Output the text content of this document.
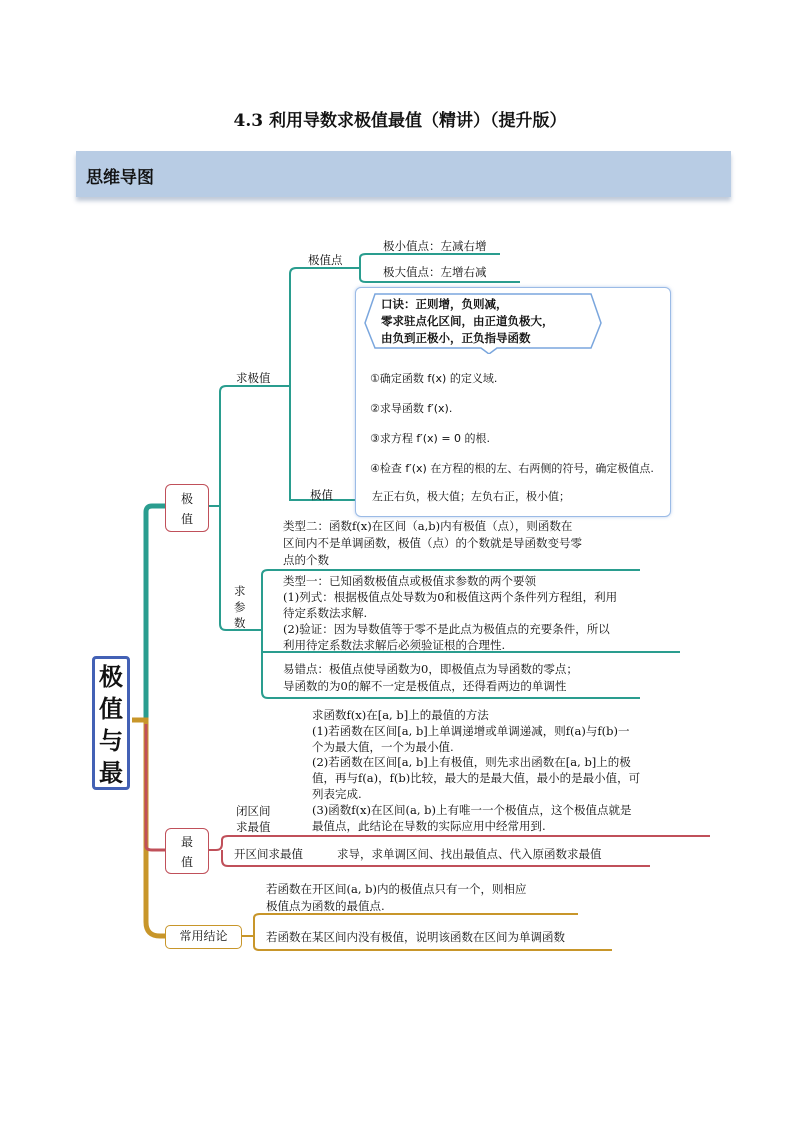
4.3 利用导数求极值最值（精讲）（提升版）
思维导图
极
值
与
最
极
值
最
值
常用结论
求极值
极值点
极小值点：左减右增
极大值点：左增右减
口诀：正则增，负则减，
零求驻点化区间，由正道负极大，
由负到正极小，正负指导函数
①确定函数 f(x) 的定义域.
②求导函数 f′(x).
③求方程 f′(x) = 0 的根.
④检查 f′(x) 在方程的根的左、右两侧的符号，确定极值点.
极值	左正右负，极大值；左负右正，极小值；
求
参
数
类型二：函数f(x)在区间（a,b)内有极值（点），则函数在
区间内不是单调函数，极值（点）的个数就是导函数变号零
点的个数
类型一：已知函数极值点或极值求参数的两个要领
(1)列式：根据极值点处导数为0和极值这两个条件列方程组，利用
待定系数法求解.
(2)验证：因为导数值等于零不是此点为极值点的充要条件，所以
利用待定系数法求解后必须验证根的合理性.
易错点：极值点使导函数为0，即极值点为导函数的零点；
导函数的为0的解不一定是极值点，还得看两边的单调性
闭区间
求最值
求函数f(x)在[a, b]上的最值的方法
(1)若函数在区间[a, b]上单调递增或单调递减，则f(a)与f(b)一
个为最大值，一个为最小值.
(2)若函数在区间[a, b]上有极值，则先求出函数在[a, b]上的极
值，再与f(a)，f(b)比较，最大的是最大值，最小的是最小值，可
列表完成.
(3)函数f(x)在区间(a, b)上有唯一一个极值点，这个极值点就是
最值点，此结论在导数的实际应用中经常用到.
开区间求最值	求导，求单调区间、找出最值点、代入原函数求最值
若函数在开区间(a, b)内的极值点只有一个，则相应
极值点为函数的最值点.
若函数在某区间内没有极值，说明该函数在区间为单调函数
